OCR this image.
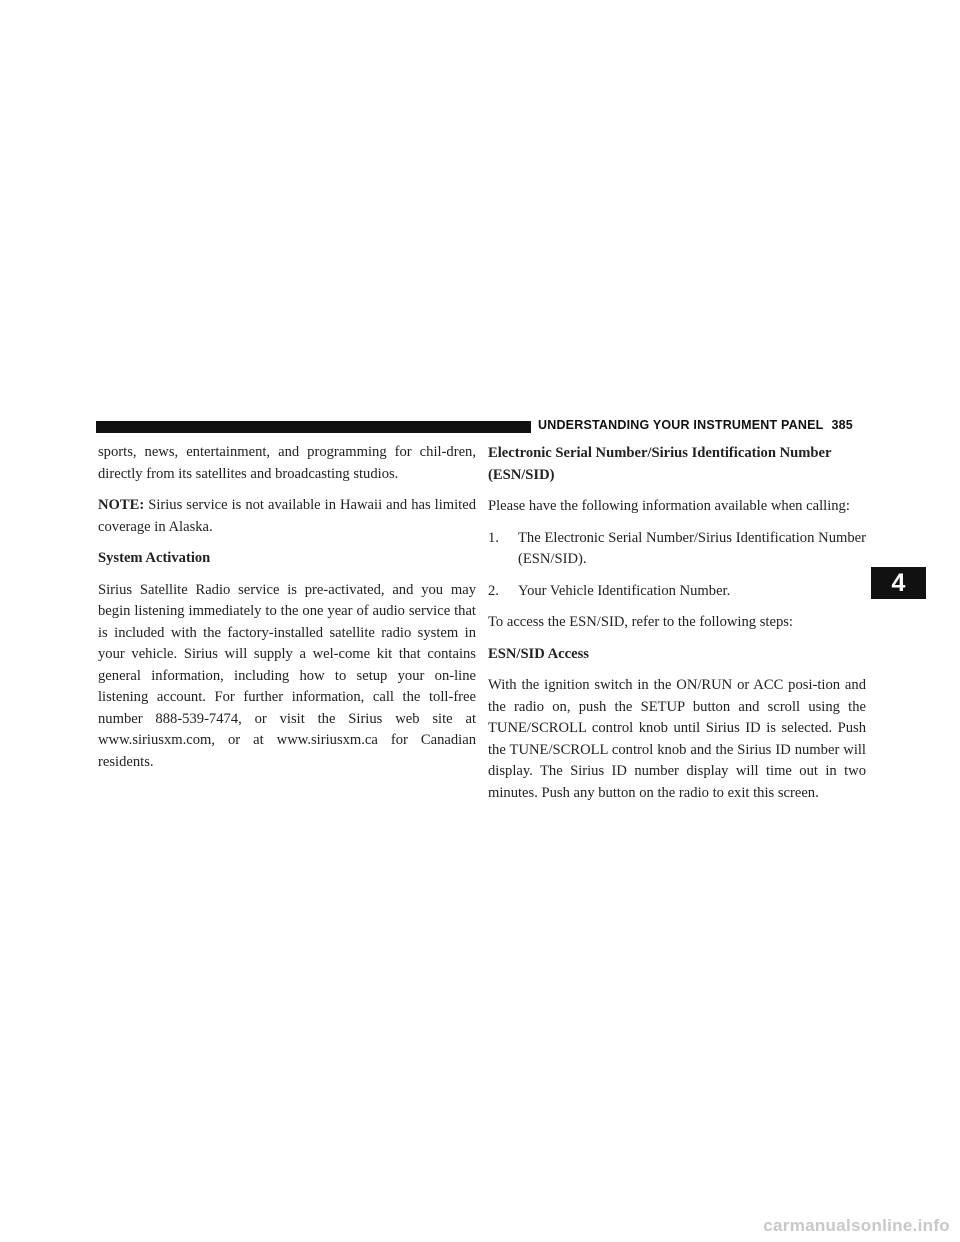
UNDERSTANDING YOUR INSTRUMENT PANEL 385
4

sports, news, entertainment, and programming for chil-dren, directly from its satellites and broadcasting studios.

NOTE: Sirius service is not available in Hawaii and has limited coverage in Alaska.

System Activation

Sirius Satellite Radio service is pre-activated, and you may begin listening immediately to the one year of audio service that is included with the factory-installed satellite radio system in your vehicle. Sirius will supply a wel-come kit that contains general information, including how to setup your on-line listening account. For further information, call the toll-free number 888-539-7474, or visit the Sirius web site at www.siriusxm.com, or at www.siriusxm.ca for Canadian residents.

Electronic Serial Number/Sirius Identification Number (ESN/SID)

Please have the following information available when calling:

1. The Electronic Serial Number/Sirius Identification Number (ESN/SID).
2. Your Vehicle Identification Number.

To access the ESN/SID, refer to the following steps:

ESN/SID Access

With the ignition switch in the ON/RUN or ACC posi-tion and the radio on, push the SETUP button and scroll using the TUNE/SCROLL control knob until Sirius ID is selected. Push the TUNE/SCROLL control knob and the Sirius ID number will display. The Sirius ID number display will time out in two minutes. Push any button on the radio to exit this screen.

carmanualsonline.info
